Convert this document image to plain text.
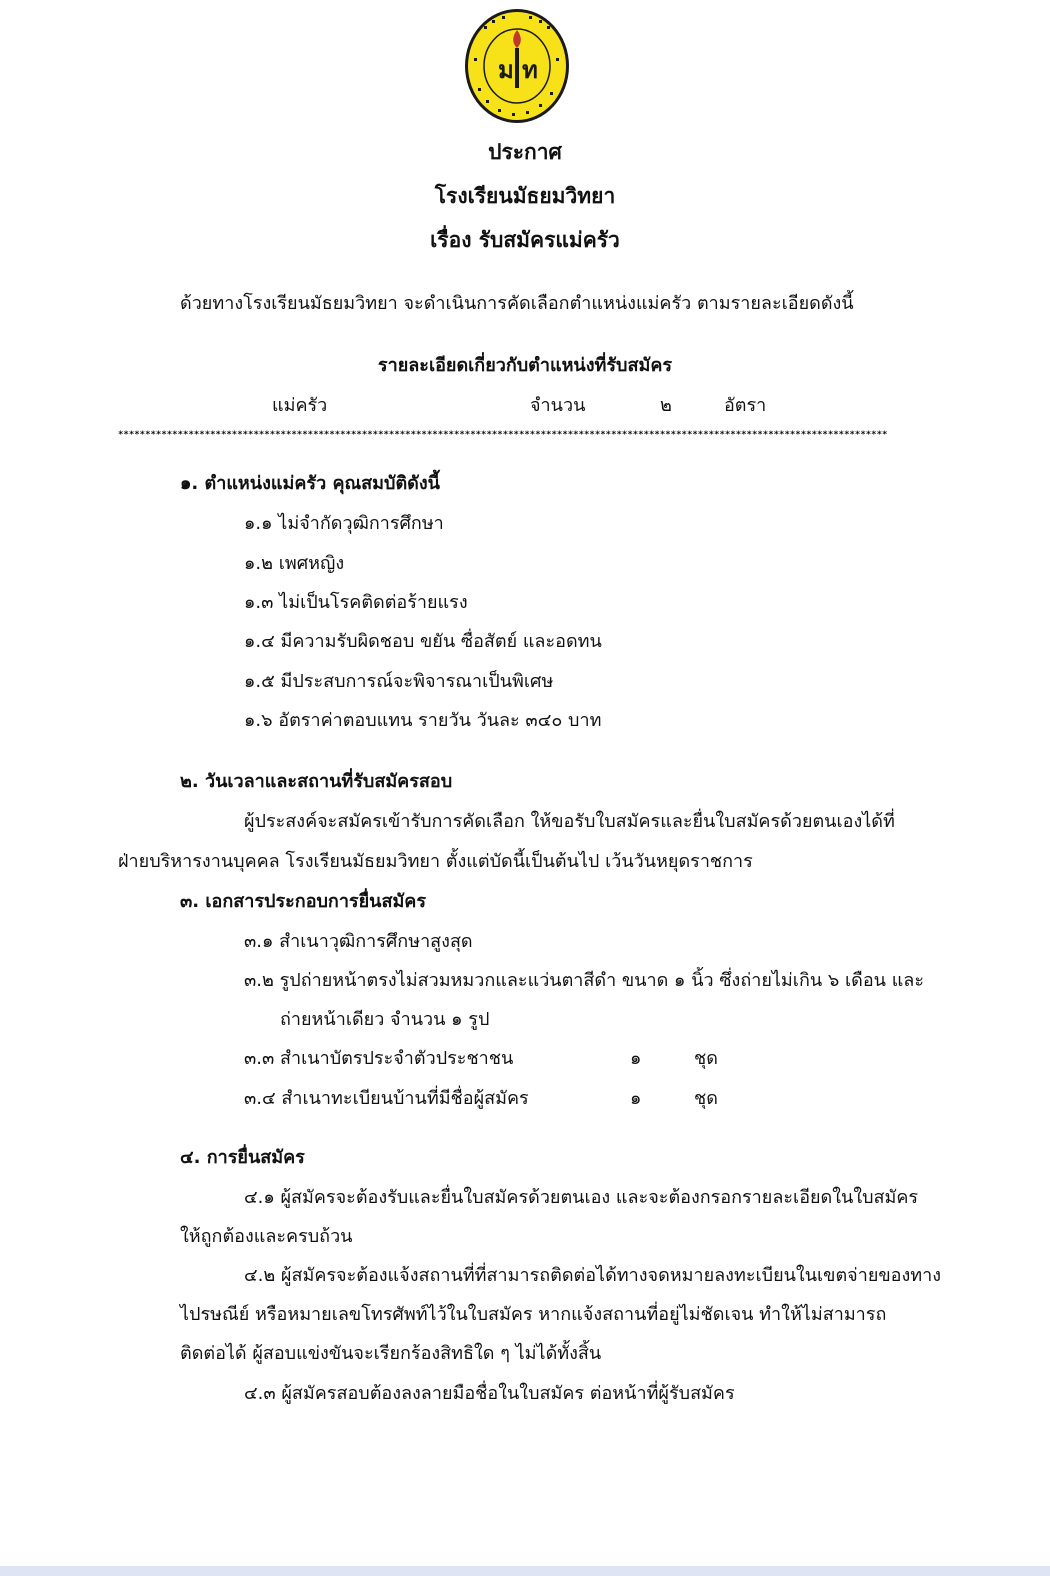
ม ท
ประกาศ
โรงเรียนมัธยมวิทยา
เรื่อง รับสมัครแม่ครัว
ด้วยทางโรงเรียนมัธยมวิทยา จะดำเนินการคัดเลือกตำแหน่งแม่ครัว ตามรายละเอียดดังนี้
รายละเอียดเกี่ยวกับตำแหน่งที่รับสมัคร
แม่ครัว	จำนวน	๒	อัตรา
**********************************************************************************************************************************************
๑. ตำแหน่งแม่ครัว คุณสมบัติดังนี้
๑.๑ ไม่จำกัดวุฒิการศึกษา
๑.๒ เพศหญิง
๑.๓ ไม่เป็นโรคติดต่อร้ายแรง
๑.๔ มีความรับผิดชอบ ขยัน ซื่อสัตย์ และอดทน
๑.๕ มีประสบการณ์จะพิจารณาเป็นพิเศษ
๑.๖ อัตราค่าตอบแทน รายวัน วันละ ๓๔๐ บาท
๒. วันเวลาและสถานที่รับสมัครสอบ
ผู้ประสงค์จะสมัครเข้ารับการคัดเลือก ให้ขอรับใบสมัครและยื่นใบสมัครด้วยตนเองได้ที่
ฝ่ายบริหารงานบุคคล โรงเรียนมัธยมวิทยา ตั้งแต่บัดนี้เป็นต้นไป เว้นวันหยุดราชการ
๓. เอกสารประกอบการยื่นสมัคร
๓.๑ สำเนาวุฒิการศึกษาสูงสุด
๓.๒ รูปถ่ายหน้าตรงไม่สวมหมวกและแว่นตาสีดำ ขนาด ๑ นิ้ว ซึ่งถ่ายไม่เกิน ๖ เดือน และ
ถ่ายหน้าเดียว จำนวน ๑ รูป
๓.๓ สำเนาบัตรประจำตัวประชาชน	๑	ชุด
๓.๔ สำเนาทะเบียนบ้านที่มีชื่อผู้สมัคร	๑	ชุด
๔. การยื่นสมัคร
๔.๑ ผู้สมัครจะต้องรับและยื่นใบสมัครด้วยตนเอง และจะต้องกรอกรายละเอียดในใบสมัคร
ให้ถูกต้องและครบถ้วน
๔.๒ ผู้สมัครจะต้องแจ้งสถานที่ที่สามารถติดต่อได้ทางจดหมายลงทะเบียนในเขตจ่ายของทาง
ไปรษณีย์ หรือหมายเลขโทรศัพท์ไว้ในใบสมัคร หากแจ้งสถานที่อยู่ไม่ชัดเจน ทำให้ไม่สามารถ
ติดต่อได้ ผู้สอบแข่งขันจะเรียกร้องสิทธิใด ๆ ไม่ได้ทั้งสิ้น
๔.๓ ผู้สมัครสอบต้องลงลายมือชื่อในใบสมัคร ต่อหน้าที่ผู้รับสมัคร
